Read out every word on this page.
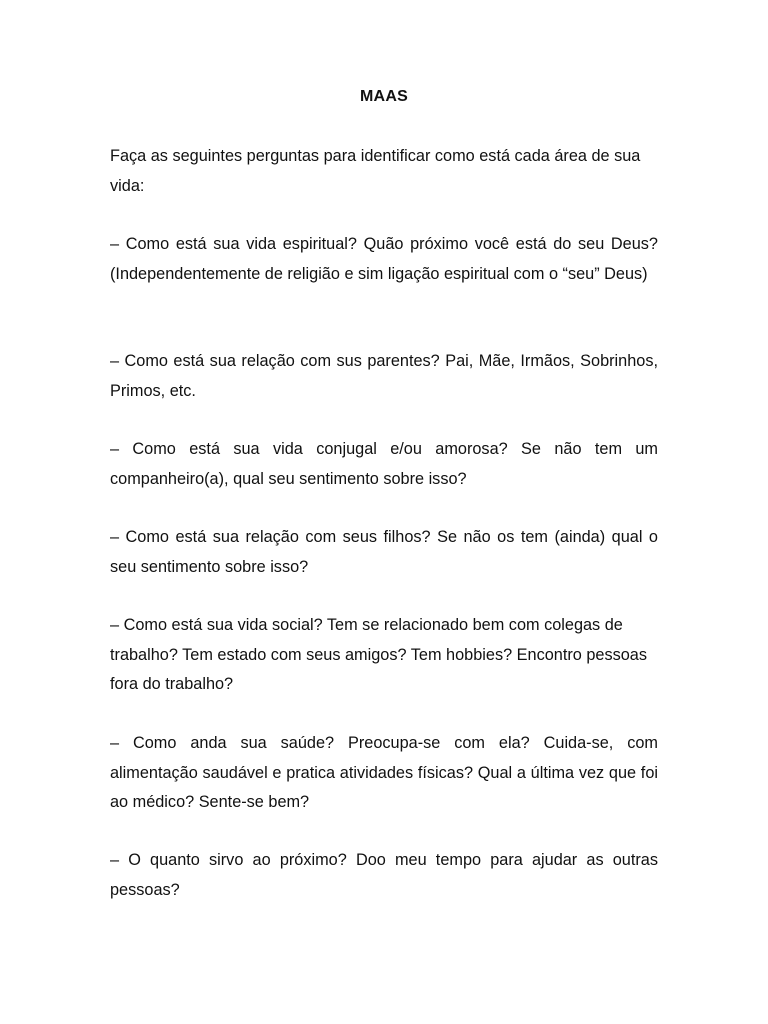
MAAS

Faça as seguintes perguntas para identificar como está cada área de sua vida:

– Como está sua vida espiritual? Quão próximo você está do seu Deus? (Independentemente de religião e sim ligação espiritual com o “seu” Deus)

– Como está sua relação com sus parentes? Pai, Mãe, Irmãos, Sobrinhos, Primos, etc.

– Como está sua vida conjugal e/ou amorosa? Se não tem um companheiro(a), qual seu sentimento sobre isso?

– Como está sua relação com seus filhos? Se não os tem (ainda) qual o seu sentimento sobre isso?

– Como está sua vida social? Tem se relacionado bem com colegas de trabalho? Tem estado com seus amigos? Tem hobbies? Encontro pessoas fora do trabalho?

– Como anda sua saúde? Preocupa-se com ela? Cuida-se, com alimentação saudável e pratica atividades físicas? Qual a última vez que foi ao médico? Sente-se bem?

– O quanto sirvo ao próximo? Doo meu tempo para ajudar as outras pessoas?
